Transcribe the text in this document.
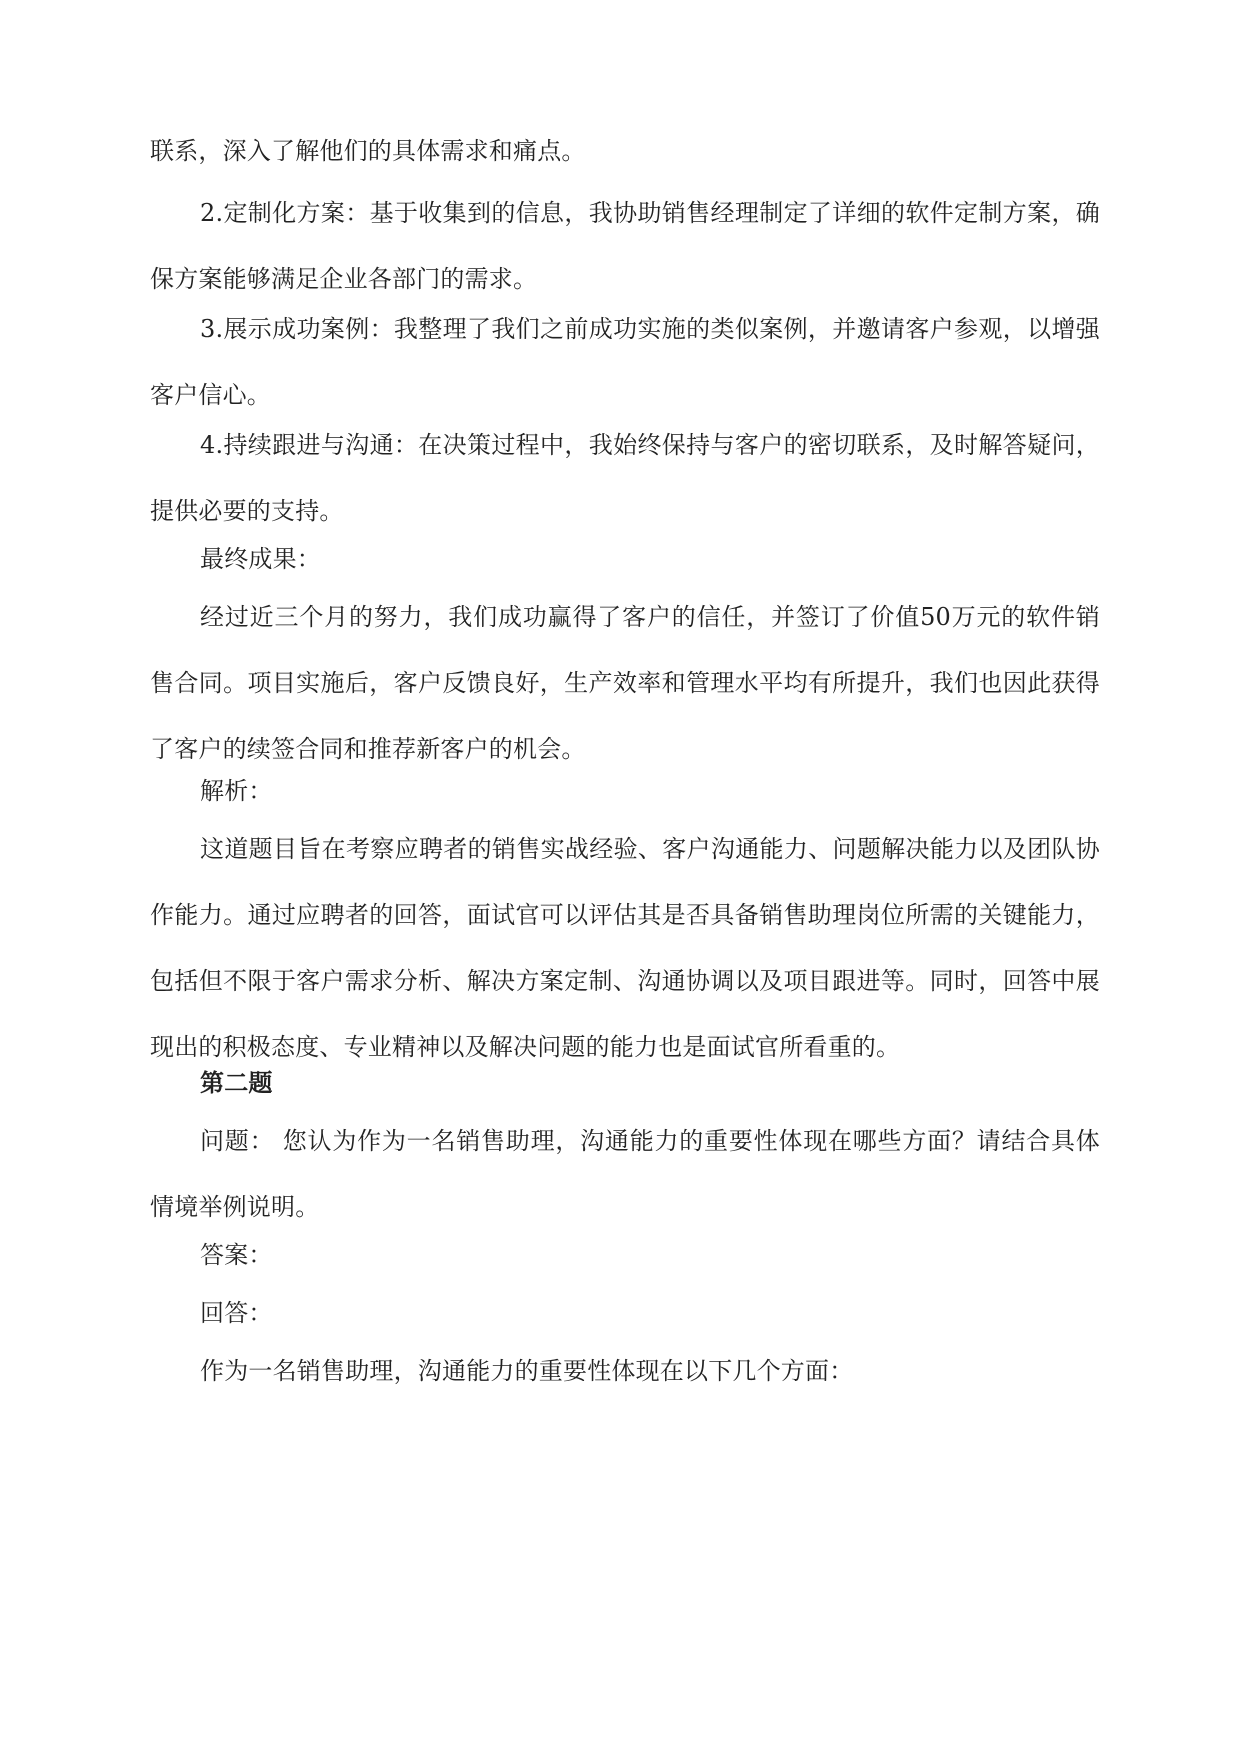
联系，深入了解他们的具体需求和痛点。
2.定制化方案：基于收集到的信息，我协助销售经理制定了详细的软件定制方案，确保方案能够满足企业各部门的需求。
3.展示成功案例：我整理了我们之前成功实施的类似案例，并邀请客户参观，以增强客户信心。
4.持续跟进与沟通：在决策过程中，我始终保持与客户的密切联系，及时解答疑问，提供必要的支持。
最终成果：
经过近三个月的努力，我们成功赢得了客户的信任，并签订了价值50万元的软件销售合同。项目实施后，客户反馈良好，生产效率和管理水平均有所提升，我们也因此获得了客户的续签合同和推荐新客户的机会。
解析：
这道题目旨在考察应聘者的销售实战经验、客户沟通能力、问题解决能力以及团队协作能力。通过应聘者的回答，面试官可以评估其是否具备销售助理岗位所需的关键能力，包括但不限于客户需求分析、解决方案定制、沟通协调以及项目跟进等。同时，回答中展现出的积极态度、专业精神以及解决问题的能力也是面试官所看重的。
第二题
问题： 您认为作为一名销售助理，沟通能力的重要性体现在哪些方面？请结合具体情境举例说明。
答案：
回答：
作为一名销售助理，沟通能力的重要性体现在以下几个方面：
